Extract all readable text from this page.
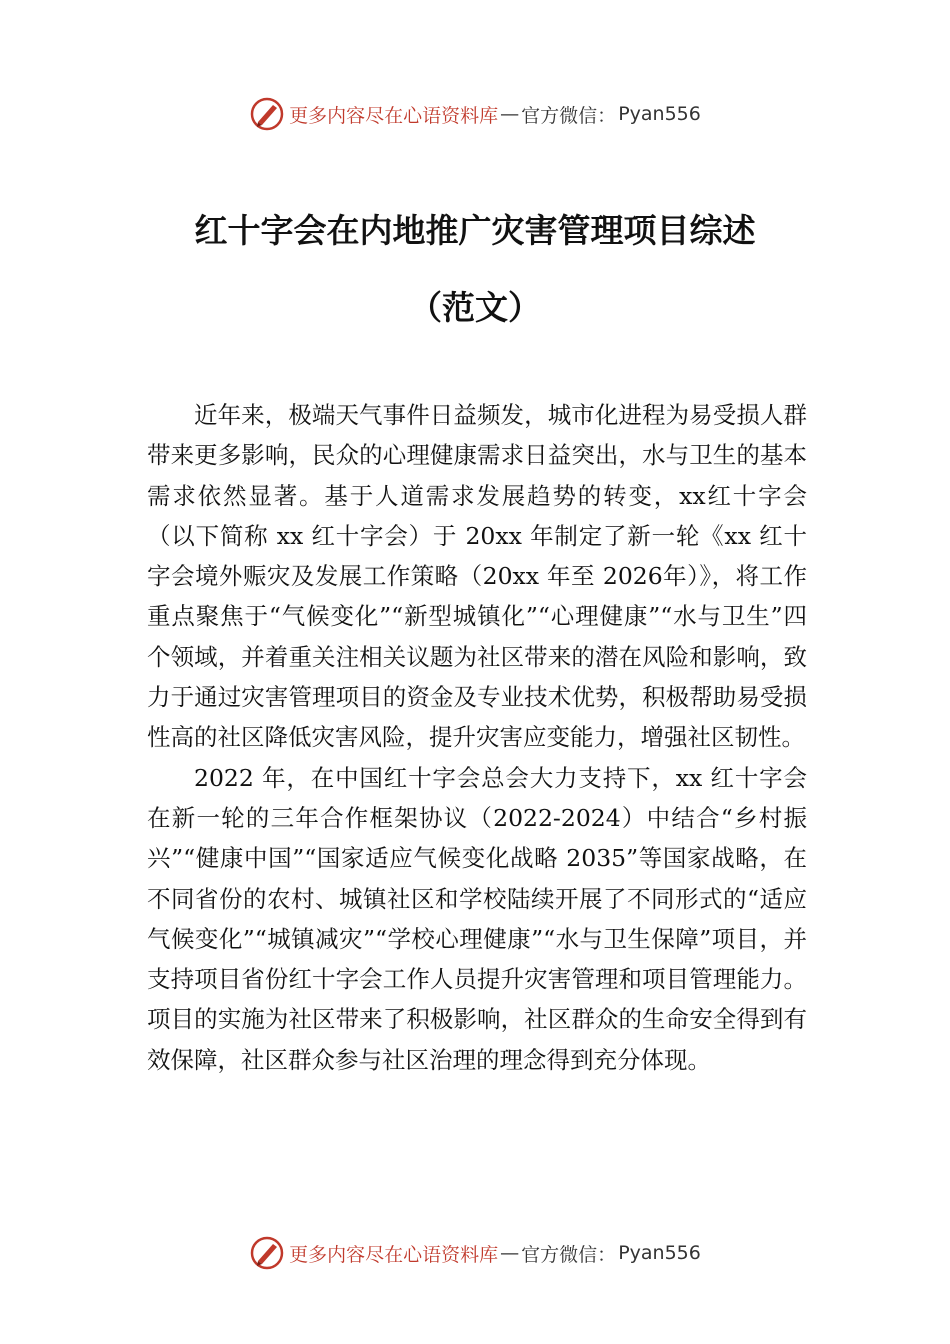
更多内容尽在心语资料库 — 官方微信： Pyan556
红十字会在内地推广灾害管理项目综述
（范文）

近年来，极端天气事件日益频发，城市化进程为易受损人群带来更多影响，民众的心理健康需求日益突出，水与卫生的基本需求依然显著。基于人道需求发展趋势的转变，xx红十字会（以下简称 xx 红十字会）于 20xx 年制定了新一轮《xx 红十字会境外赈灾及发展工作策略（20xx 年至 2026年）》，将工作重点聚焦于“气候变化”“新型城镇化”“心理健康”“水与卫生”四个领域，并着重关注相关议题为社区带来的潜在风险和影响，致力于通过灾害管理项目的资金及专业技术优势，积极帮助易受损性高的社区降低灾害风险，提升灾害应变能力，增强社区韧性。

2022 年，在中国红十字会总会大力支持下，xx 红十字会在新一轮的三年合作框架协议（2022-2024）中结合“乡村振兴”“健康中国”“国家适应气候变化战略 2035”等国家战略，在不同省份的农村、城镇社区和学校陆续开展了不同形式的“适应气候变化”“城镇减灾”“学校心理健康”“水与卫生保障”项目，并支持项目省份红十字会工作人员提升灾害管理和项目管理能力。项目的实施为社区带来了积极影响，社区群众的生命安全得到有效保障，社区群众参与社区治理的理念得到充分体现。

更多内容尽在心语资料库 — 官方微信： Pyan556
